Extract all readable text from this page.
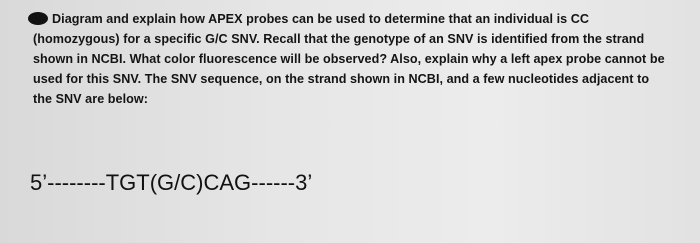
Diagram and explain how APEX probes can be used to determine that an individual is CC
(homozygous) for a specific G/C SNV. Recall that the genotype of an SNV is identified from the strand
shown in NCBI. What color fluorescence will be observed? Also, explain why a left apex probe cannot be
used for this SNV. The SNV sequence, on the strand shown in NCBI, and a few nucleotides adjacent to
the SNV are below:
5’--------TGT(G/C)CAG------3’
